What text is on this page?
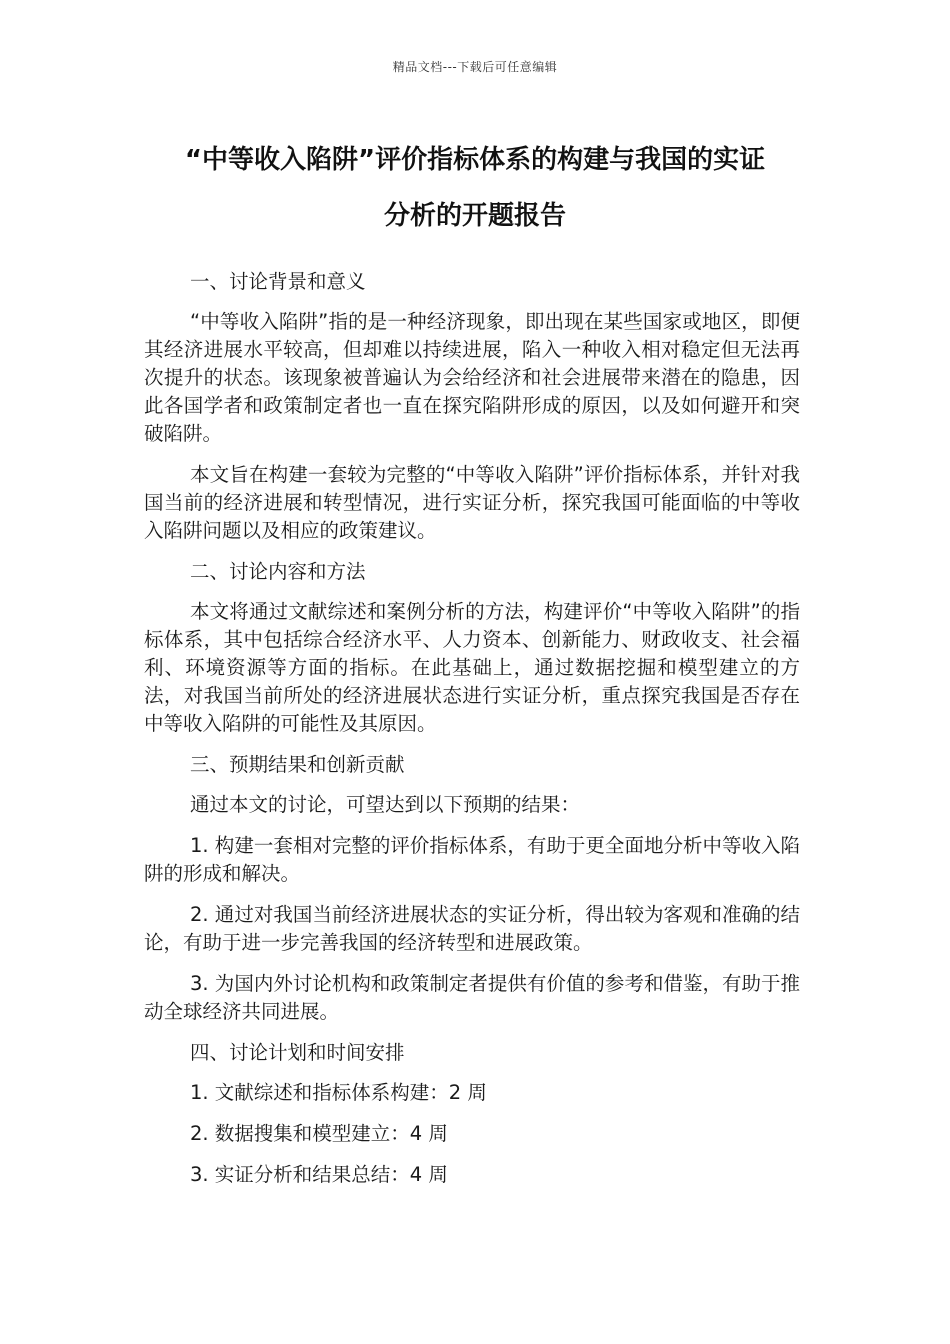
精品文档---下载后可任意编辑
“中等收入陷阱”评价指标体系的构建与我国的实证
分析的开题报告
一、讨论背景和意义
“中等收入陷阱”指的是一种经济现象，即出现在某些国家或地区，即便其经济进展水平较高，但却难以持续进展，陷入一种收入相对稳定但无法再次提升的状态。该现象被普遍认为会给经济和社会进展带来潜在的隐患，因此各国学者和政策制定者也一直在探究陷阱形成的原因，以及如何避开和突破陷阱。
本文旨在构建一套较为完整的“中等收入陷阱”评价指标体系，并针对我国当前的经济进展和转型情况，进行实证分析，探究我国可能面临的中等收入陷阱问题以及相应的政策建议。
二、讨论内容和方法
本文将通过文献综述和案例分析的方法，构建评价“中等收入陷阱”的指标体系，其中包括综合经济水平、人力资本、创新能力、财政收支、社会福利、环境资源等方面的指标。在此基础上，通过数据挖掘和模型建立的方法，对我国当前所处的经济进展状态进行实证分析，重点探究我国是否存在中等收入陷阱的可能性及其原因。
三、预期结果和创新贡献
通过本文的讨论，可望达到以下预期的结果：
1. 构建一套相对完整的评价指标体系，有助于更全面地分析中等收入陷阱的形成和解决。
2. 通过对我国当前经济进展状态的实证分析，得出较为客观和准确的结论，有助于进一步完善我国的经济转型和进展政策。
3. 为国内外讨论机构和政策制定者提供有价值的参考和借鉴，有助于推动全球经济共同进展。
四、讨论计划和时间安排
1. 文献综述和指标体系构建：2 周
2. 数据搜集和模型建立：4 周
3. 实证分析和结果总结：4 周
